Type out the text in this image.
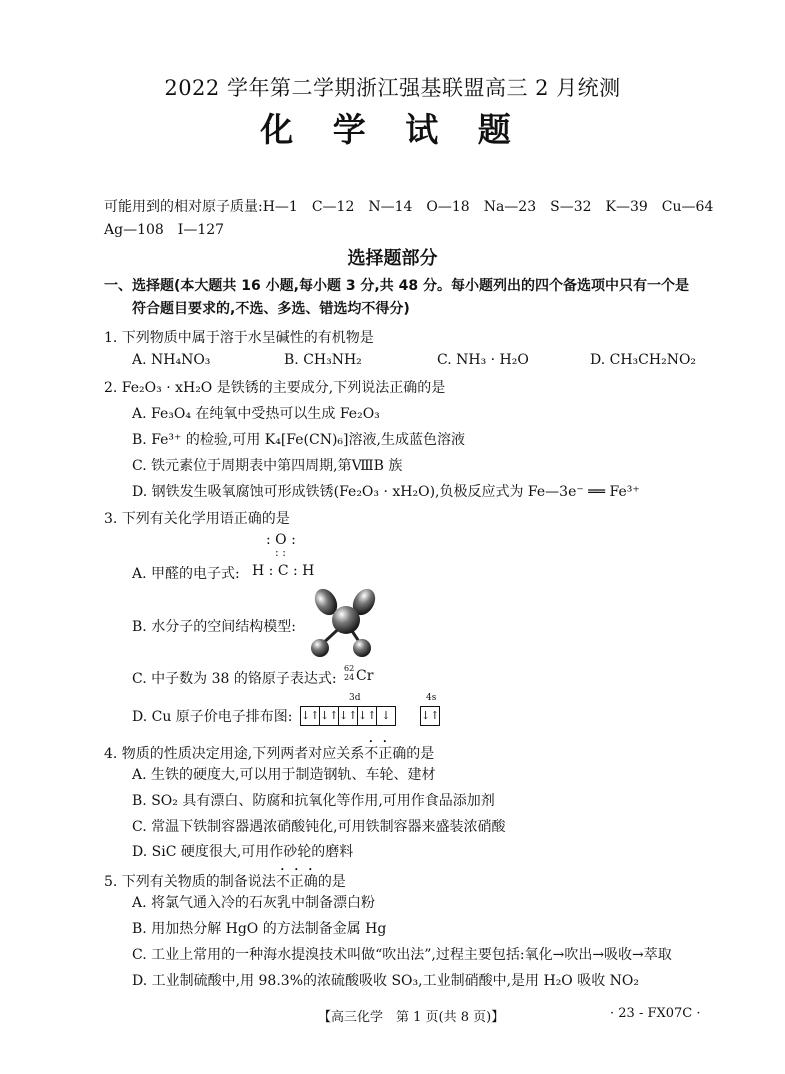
2022 学年第二学期浙江强基联盟高三 2 月统测
化 学 试 题
可能用到的相对原子质量:H—1　C—12　N—14　O—18　Na—23　S—32　K—39　Cu—64
Ag—108　I—127
选择题部分
一、选择题(本大题共 16 小题,每小题 3 分,共 48 分。每小题列出的四个备选项中只有一个是
符合题目要求的,不选、多选、错选均不得分)
1. 下列物质中属于溶于水呈碱性的有机物是
A. NH₄NO₃	B. CH₃NH₂	C. NH₃ · H₂O	D. CH₃CH₂NO₂
2. Fe₂O₃ · xH₂O 是铁锈的主要成分,下列说法正确的是
A. Fe₃O₄ 在纯氧中受热可以生成 Fe₂O₃
B. Fe³⁺ 的检验,可用 K₄[Fe(CN)₆]溶液,生成蓝色溶液
C. 铁元素位于周期表中第四周期,第ⅧB 族
D. 钢铁发生吸氧腐蚀可形成铁锈(Fe₂O₃ · xH₂O),负极反应式为 Fe—3e⁻ ══ Fe³⁺
3. 下列有关化学用语正确的是
: O :
: :
A. 甲醛的电子式: H : C : H
B. 水分子的空间结构模型:
C. 中子数为 38 的铬原子表达式:
62
24 Cr
D. Cu 原子价电子排布图:
3d	4s
↓↑ ↓↑ ↓↑ ↓↑ ↓	↓↑
4. 物质的性质决定用途,下列两者对应关系不正确的是
A. 生铁的硬度大,可以用于制造钢轨、车轮、建材
B. SO₂ 具有漂白、防腐和抗氧化等作用,可用作食品添加剂
C. 常温下铁制容器遇浓硝酸钝化,可用铁制容器来盛装浓硝酸
D. SiC 硬度很大,可用作砂轮的磨料
5. 下列有关物质的制备说法不正确的是
A. 将氯气通入冷的石灰乳中制备漂白粉
B. 用加热分解 HgO 的方法制备金属 Hg
C. 工业上常用的一种海水提溴技术叫做“吹出法”,过程主要包括:氧化→吹出→吸收→萃取
D. 工业制硫酸中,用 98.3%的浓硫酸吸收 SO₃,工业制硝酸中,是用 H₂O 吸收 NO₂
【高三化学　第 1 页(共 8 页)】	· 23 - FX07C ·
